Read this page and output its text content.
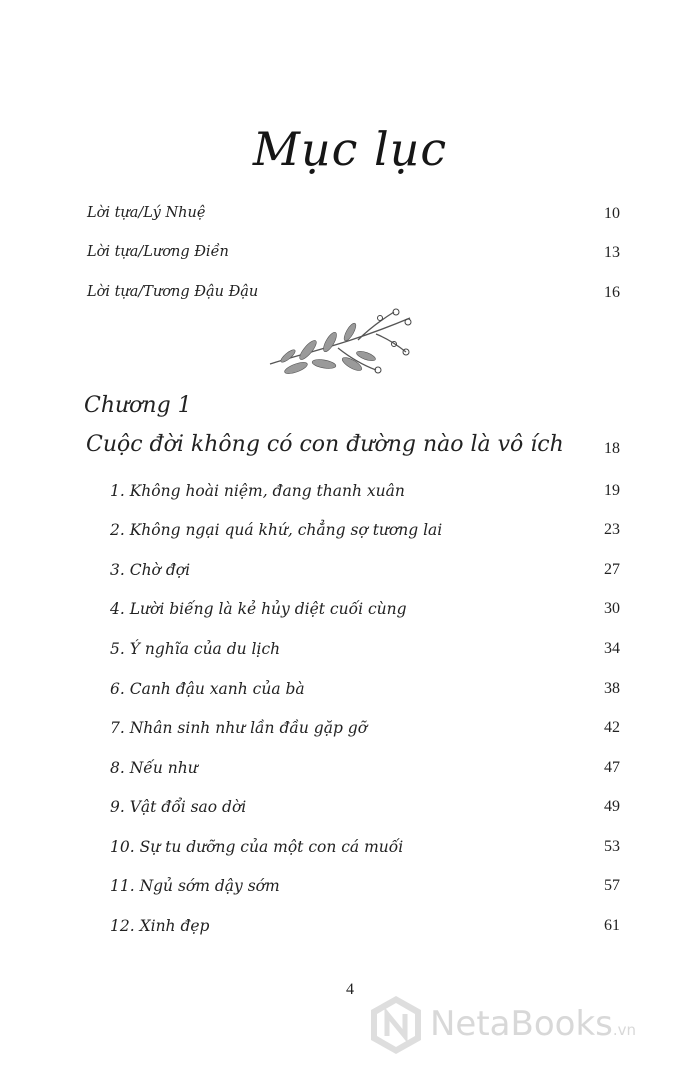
Mục lục
Lời tựa/Lý Nhuệ	10
Lời tựa/Lương Điền	13
Lời tựa/Tương Đậu Đậu	16
Chương 1
Cuộc đời không có con đường nào là vô ích	18
1. Không hoài niệm, đang thanh xuân	19
2. Không ngại quá khứ, chẳng sợ tương lai	23
3. Chờ đợi	27
4. Lười biếng là kẻ hủy diệt cuối cùng	30
5. Ý nghĩa của du lịch	34
6. Canh đậu xanh của bà	38
7. Nhân sinh như lần đầu gặp gỡ	42
8. Nếu như	47
9. Vật đổi sao dời	49
10. Sự tu dưỡng của một con cá muối	53
11. Ngủ sớm dậy sớm	57
12. Xinh đẹp	61
4
NetaBooks.vn
